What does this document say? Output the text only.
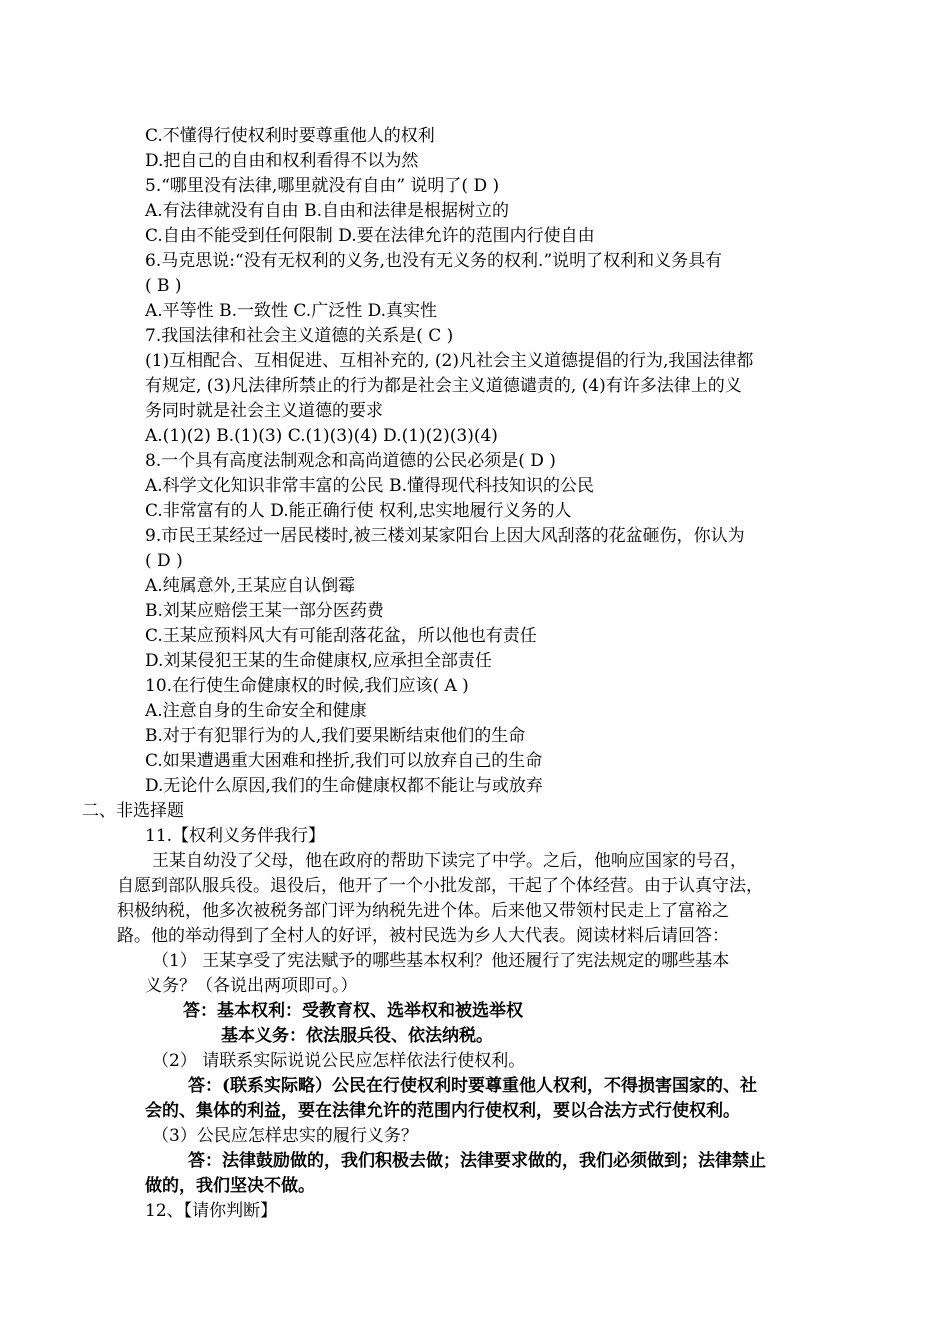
C.不懂得行使权利时要尊重他人的权利
D.把自己的自由和权利看得不以为然
5.“哪里没有法律,哪里就没有自由” 说明了( D )
A.有法律就没有自由 B.自由和法律是根据树立的
C.自由不能受到任何限制 D.要在法律允许的范围内行使自由
6.马克思说:“没有无权利的义务,也没有无义务的权利.”说明了权利和义务具有
( B )
A.平等性 B.一致性 C.广泛性 D.真实性
7.我国法律和社会主义道德的关系是( C )
(1)互相配合、互相促进、互相补充的, (2)凡社会主义道德提倡的行为,我国法律都
有规定, (3)凡法律所禁止的行为都是社会主义道德谴责的, (4)有许多法律上的义
务同时就是社会主义道德的要求
A.(1)(2) B.(1)(3) C.(1)(3)(4) D.(1)(2)(3)(4)
8.一个具有高度法制观念和高尚道德的公民必须是( D )
A.科学文化知识非常丰富的公民 B.懂得现代科技知识的公民
C.非常富有的人 D.能正确行使 权利,忠实地履行义务的人
9.市民王某经过一居民楼时,被三楼刘某家阳台上因大风刮落的花盆砸伤，你认为
( D )
A.纯属意外,王某应自认倒霉
B.刘某应赔偿王某一部分医药费
C.王某应预料风大有可能刮落花盆，所以他也有责任
D.刘某侵犯王某的生命健康权,应承担全部责任
10.在行使生命健康权的时候,我们应该( A )
A.注意自身的生命安全和健康
B.对于有犯罪行为的人,我们要果断结束他们的生命
C.如果遭遇重大困难和挫折,我们可以放弃自己的生命
D.无论什么原因,我们的生命健康权都不能让与或放弃
二、非选择题
11.【权利义务伴我行】
王某自幼没了父母，他在政府的帮助下读完了中学。之后，他响应国家的号召，
自愿到部队服兵役。退役后，他开了一个小批发部，干起了个体经营。由于认真守法，
积极纳税，他多次被税务部门评为纳税先进个体。后来他又带领村民走上了富裕之
路。他的举动得到了全村人的好评，被村民选为乡人大代表。阅读材料后请回答：
（1） 王某享受了宪法赋予的哪些基本权利？他还履行了宪法规定的哪些基本
义务？（各说出两项即可。）
答：基本权利：受教育权、选举权和被选举权
基本义务：依法服兵役、依法纳税。
（2） 请联系实际说说公民应怎样依法行使权利。
答：(联系实际略）公民在行使权利时要尊重他人权利，不得损害国家的、社
会的、集体的利益，要在法律允许的范围内行使权利，要以合法方式行使权利。
（3）公民应怎样忠实的履行义务？
答：法律鼓励做的，我们积极去做；法律要求做的，我们必须做到；法律禁止
做的，我们坚决不做。
12、【请你判断】
